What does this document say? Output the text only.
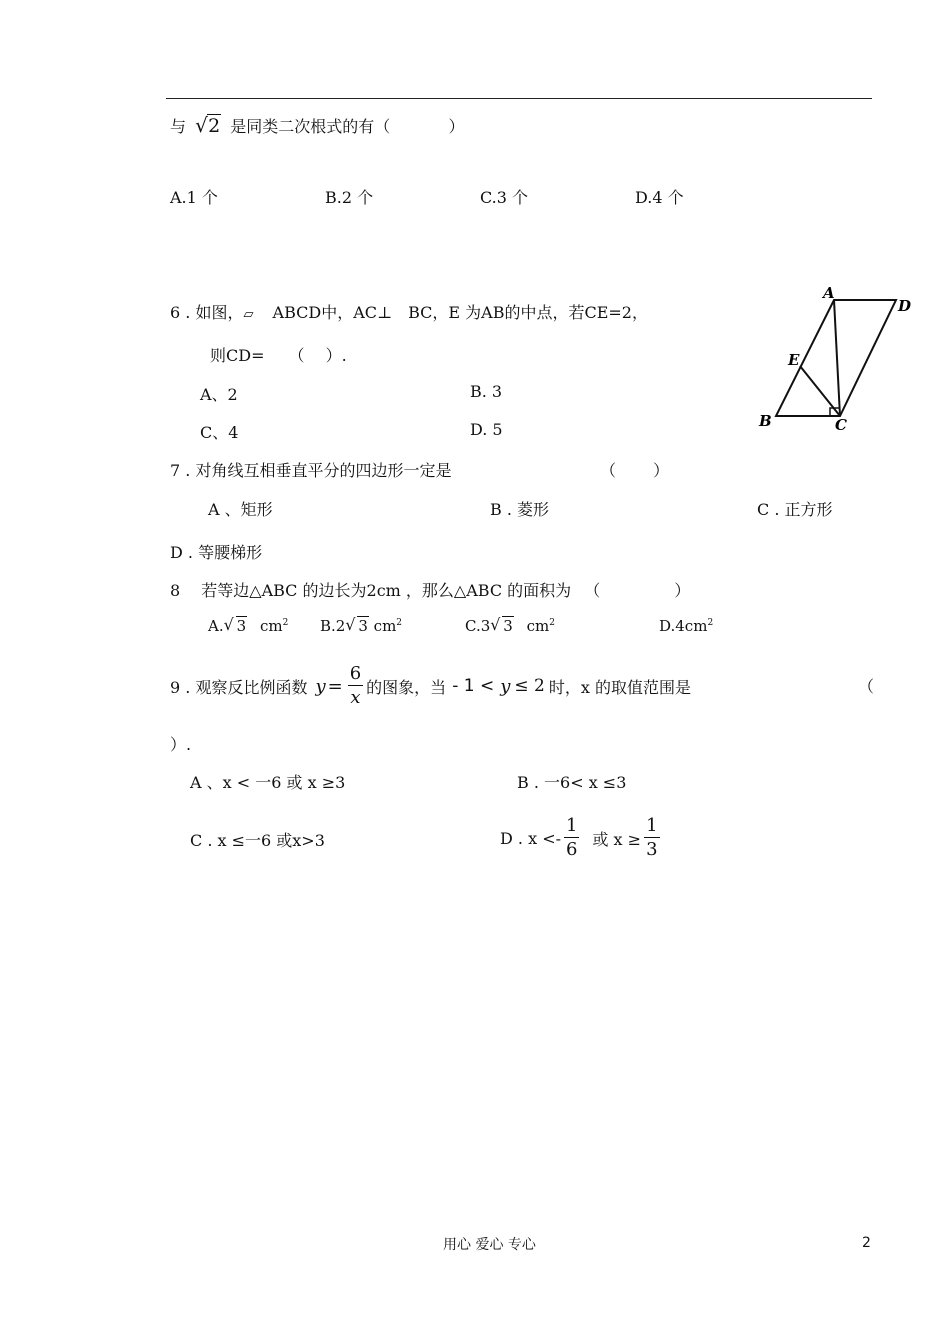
与 √ 2 是同类二次根式的有（ 　　　 ）
A.1 个	B.2 个	C.3 个	D.4 个
6 . 如图，▱ ABCD中，AC⊥　BC，E 为AB的中点，若CE=2，
则CD=　　（　 ）.
A、2	B. 3
C、4	D. 5
A
D
E
B	C
7 . 对角线互相垂直平分的四边形一定是	（　　 ）
A 、矩形	B . 菱形	C . 正方形
D . 等腰梯形
8 　若等边△ABC 的边长为2cm ，那么△ABC 的面积为 　（　 　　　 ）
A. √ 3 $cm^2$ B.2 √ 3 $cm^2$	C.3 √ 3 $cm^2$	$D.4cm^2$
9 . 观察反比例函数 $y = \frac{6}{x}$ 的图象，当 - 1 < y ≤ 2 时，x 的取值范围是	（
）.
A 、x < 一6 或 x ≥3	B . 一6< x ≤3
C . x ≤一6 或x>3	D . $x <- \frac{1}{6}$ 或 $x \ge \frac{1}{3}$
用心 爱心 专心	2
